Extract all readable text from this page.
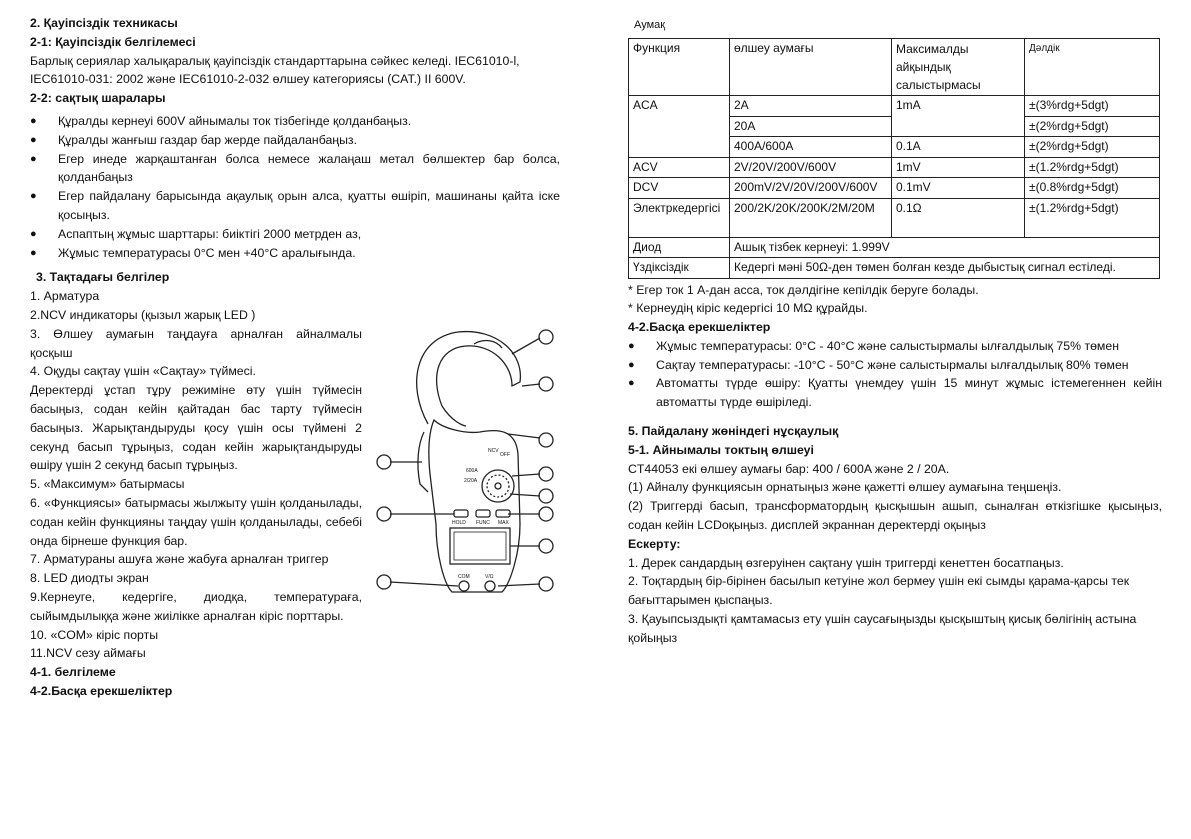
2. Қауіпсіздік техникасы

2-1: Қауіпсіздік белгілемесі

Барлық сериялар халықаралық қауіпсіздік стандарттарына сәйкес келеді. IEC61010-l,

IEC61010-031: 2002 және IEC61010-2-032 өлшеу категориясы (CAT.) II 600V.

2-2: сақтық шаралары

● Құралды кернеуі 600V айнымалы ток тізбегінде қолданбаңыз.
● Құралды жанғыш газдар бар жерде пайдаланбаңыз.
● Егер инеде жарқаштанған болса немесе жалаңаш метал бөлшектер бар болса, қолданбаңыз
● Егер пайдалану барысында ақаулық орын алса, қуатты өшіріп, машинаны қайта іске қосыңыз.
● Аспаптың жұмыс шарттары: биіктігі 2000 метрден аз,
● Жұмыс температурасы 0°C мен +40°C аралығында.

3. Тақтадағы белгілер

1. Арматура

2.NCV индикаторы (қызыл жарық LED )

3. Өлшеу аумағын таңдауға арналған айналмалы

қосқыш

4. Оқуды сақтау үшін «Сақтау» түймесі.

Деректерді ұстап тұру режиміне өту үшін түймесін басыңыз, содан кейін қайтадан бас тарту түймесін басыңыз. Жарықтандыруды қосу үшін осы түймені 2 секунд басып тұрыңыз, содан кейін жарықтандыруды өшіру үшін 2 секунд басып тұрыңыз.

5. «Максимум» батырмасы

6. «Функциясы» батырмасы жылжыту үшін қолданылады, содан кейін функцияны таңдау үшін қолданылады, себебі онда бірнеше функция бар.

7. Арматураны ашуға және жабуға арналған триггер

8. LED диодты экран

9.Кернеуге, кедергіге, диодқа, температураға, сыйымдылыққа және жиілікке арналған кіріс порттары.

10. «COM» кіріс порты

11.NCV сезу аймағы

4-1. белгілеме

4-2.Басқа ерекшеліктер

NCV
OFF
600A
2/20A
HOLD FUNC MAX
COM	V/Ω

Аумақ

Функция	өлшеу аумағы	Максималды айқындық салыстырмасы	Дәлдік
ACA	2A	1mA	±(3%rdg+5dgt)
	20A		±(2%rdg+5dgt)
	400A/600A	0.1A	±(2%rdg+5dgt)
ACV	2V/20V/200V/600V	1mV	±(1.2%rdg+5dgt)
DCV	200mV/2V/20V/200V/600V	0.1mV	±(0.8%rdg+5dgt)
Электркедергісі	200/2K/20K/200K/2M/20M	0.1Ω	±(1.2%rdg+5dgt)
Диод	Ашық тізбек кернеуі: 1.999V		
Үздіксіздік	Кедергі мәні 50Ω-ден төмен болған кезде дыбыстық сигнал естіледі.		

* Егер ток 1 A-дан асса, ток дәлдігіне кепілдік беруге болады.

* Кернеудің кіріс кедергісі 10 MΩ құрайды.

4-2.Басқа ерекшеліктер

● Жұмыс температурасы: 0°C - 40°C және салыстырмалы ылғалдылық 75% төмен
● Сақтау температурасы: -10°C - 50°C және салыстырмалы ылғалдылық 80% төмен
● Автоматты түрде өшіру: Қуатты үнемдеу үшін 15 минут жұмыс істемегеннен кейін автоматты түрде өшіріледі.

5. Пайдалану жөніндегі нұсқаулық

5-1. Айнымалы токтың өлшеуі

CT44053 екі өлшеу аумағы бар: 400 / 600A және 2 / 20A.

(1) Айналу функциясын орнатыңыз және қажетті өлшеу аумағына теңшеңіз.

(2) Триггерді басып, трансформатордың қысқышын ашып, сыналған өткізгішке қысыңыз, содан кейін LCDоқыңыз. дисплей экраннан деректерді оқыңыз

Ескерту:

1. Дерек сандардың өзгеруінен сақтану үшін триггерді кенеттен босатпаңыз.

2. Тоқтардың бір-бірінен басылып кетуіне жол бермеу үшін екі сымды қарама-қарсы тек бағыттарымен қыспаңыз.

3. Қауыпсыздықті қамтамасыз ету үшін саусағыңызды қысқыштың қисық бөлігінің астына қойыңыз
